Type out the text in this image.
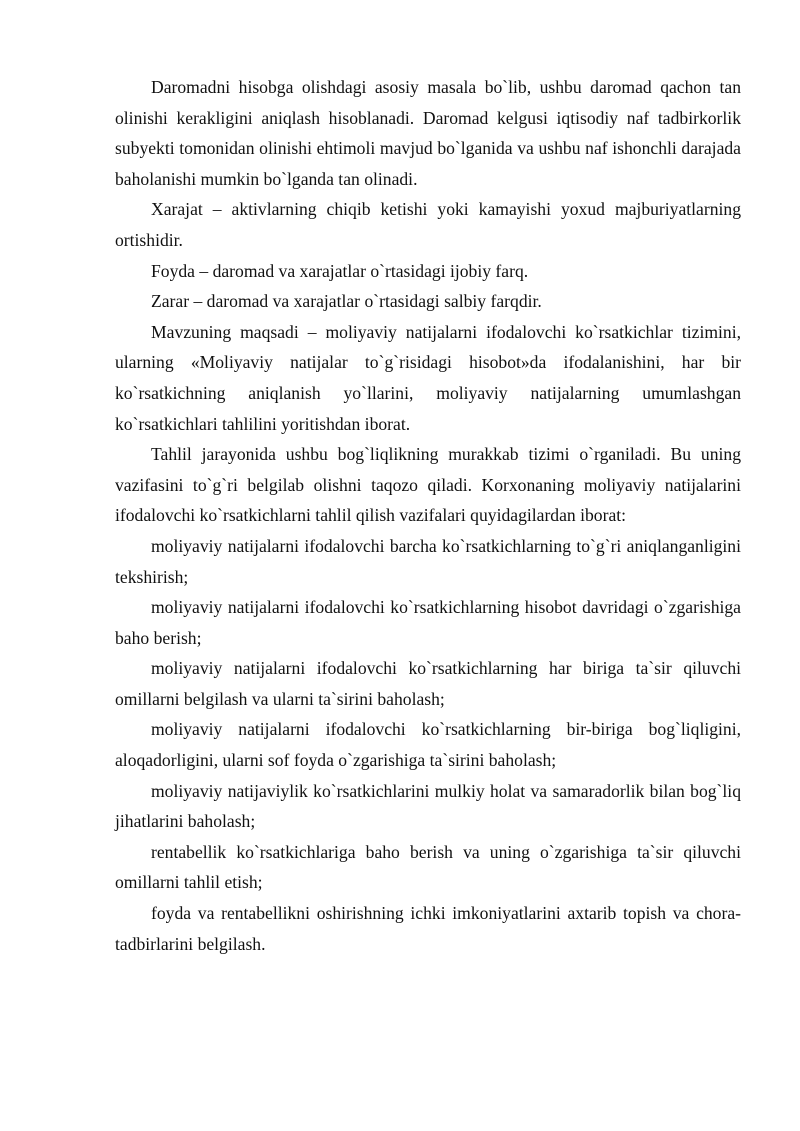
Daromadni hisobga olishdagi asosiy masala bo`lib, ushbu daromad qachon tan olinishi kerakligini aniqlash hisoblanadi. Daromad kelgusi iqtisodiy naf tadbirkorlik subyekti tomonidan olinishi ehtimoli mavjud bo`lganida va ushbu naf ishonchli darajada baholanishi mumkin bo`lganda tan olinadi.

Xarajat – aktivlarning chiqib ketishi yoki kamayishi yoxud majburiyatlarning ortishidir.

Foyda – daromad va xarajatlar o`rtasidagi ijobiy farq.

Zarar – daromad va xarajatlar o`rtasidagi salbiy farqdir.

Mavzuning maqsadi – moliyaviy natijalarni ifodalovchi ko`rsatkichlar tizimini, ularning «Moliyaviy natijalar to`g`risidagi hisobot»da ifodalanishini, har bir ko`rsatkichning aniqlanish yo`llarini, moliyaviy natijalarning umumlashgan ko`rsatkichlari tahlilini yoritishdan iborat.

Tahlil jarayonida ushbu bog`liqlikning murakkab tizimi o`rganiladi. Bu uning vazifasini to`g`ri belgilab olishni taqozo qiladi. Korxonaning moliyaviy natijalarini ifodalovchi ko`rsatkichlarni tahlil qilish vazifalari quyidagilardan iborat:

moliyaviy natijalarni ifodalovchi barcha ko`rsatkichlarning to`g`ri aniqlanganligini tekshirish;

moliyaviy natijalarni ifodalovchi ko`rsatkichlarning hisobot davridagi o`zgarishiga baho berish;

moliyaviy natijalarni ifodalovchi ko`rsatkichlarning har biriga ta`sir qiluvchi omillarni belgilash va ularni ta`sirini baholash;

moliyaviy natijalarni ifodalovchi ko`rsatkichlarning bir-biriga bog`liqligini, aloqadorligini, ularni sof foyda o`zgarishiga ta`sirini baholash;

moliyaviy natijaviylik ko`rsatkichlarini mulkiy holat va samaradorlik bilan bog`liq jihatlarini baholash;

rentabellik ko`rsatkichlariga baho berish va uning o`zgarishiga ta`sir qiluvchi omillarni tahlil etish;

foyda va rentabellikni oshirishning ichki imkoniyatlarini axtarib topish va chora-tadbirlarini belgilash.
